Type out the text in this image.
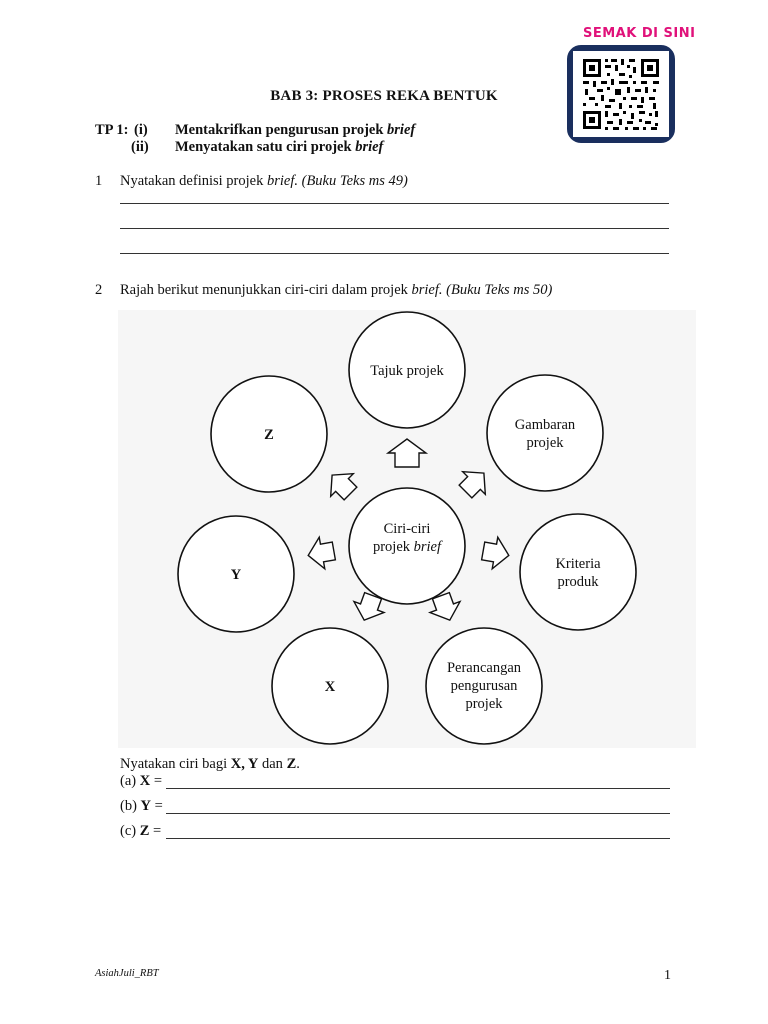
SEMAK DI SINI
BAB 3: PROSES REKA BENTUK
TP 1: (i) Mentakrifkan pengurusan projek brief
(ii) Menyatakan satu ciri projek brief
1 Nyatakan definisi projek brief. (Buku Teks ms 49)
2 Rajah berikut menunjukkan ciri-ciri dalam projek brief. (Buku Teks ms 50)
Tajuk projek
Gambaran
projek
Kriteria
produk
Perancangan
pengurusan
projek
Ciri-ciri
projek brief
X
Y
Z
Nyatakan ciri bagi X, Y dan Z.
(a) X =
(b) Y =
(c) Z =
AsiahJuli_RBT	1
